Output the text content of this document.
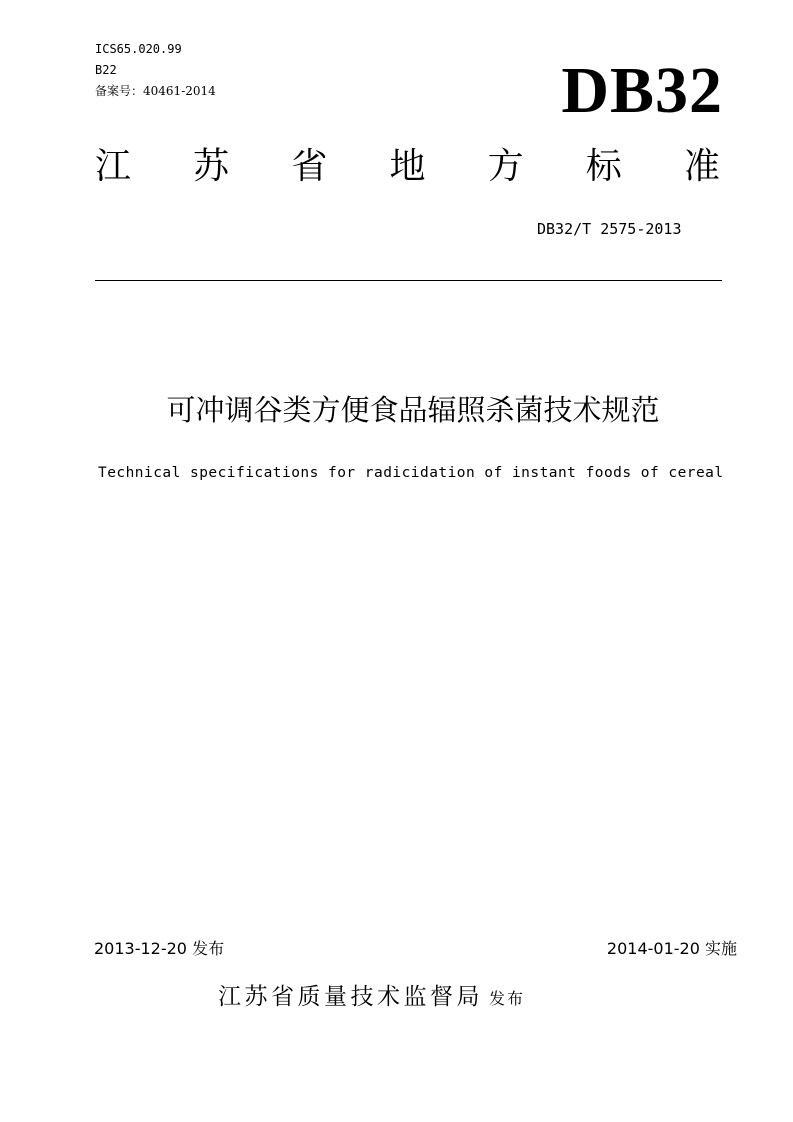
ICS65.020.99
B22
备案号：40461-2014	DB32
江 苏 省 地 方 标 准
DB32/T 2575-2013
可冲调谷类方便食品辐照杀菌技术规范
Technical specifications for radicidation of instant foods of cereal
2013-12-20 发布	2014-01-20 实施
江苏省质量技术监督局 发布
